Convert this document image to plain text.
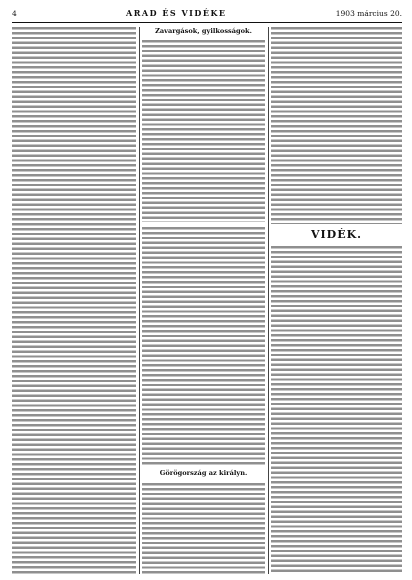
4	ARAD ÉS VIDÉKE	1903 március 20.
Zavargások, gyilkosságok.
Görögország az királyn.
VIDÉK.
